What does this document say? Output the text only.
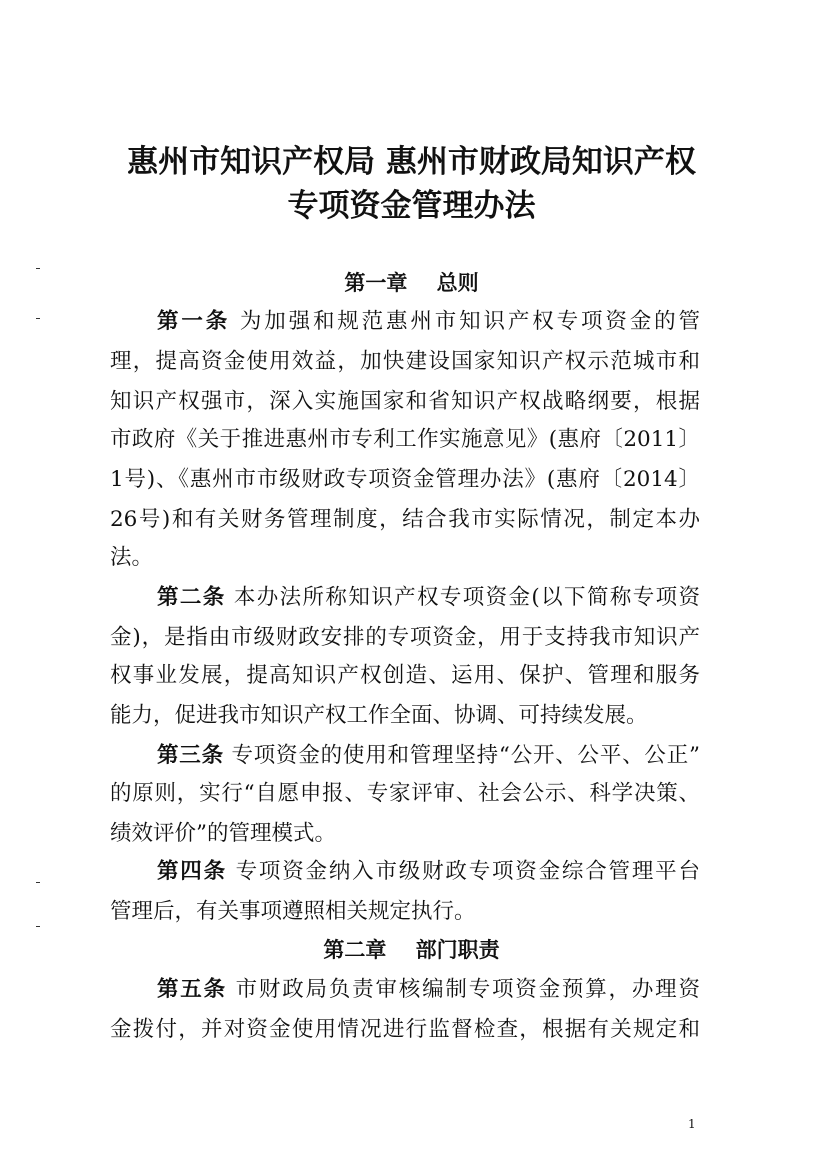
惠州市知识产权局 惠州市财政局知识产权
专项资金管理办法
第一章    总则
第一条 为加强和规范惠州市知识产权专项资金的管
理，提高资金使用效益，加快建设国家知识产权示范城市和
知识产权强市，深入实施国家和省知识产权战略纲要，根据
市政府《关于推进惠州市专利工作实施意见》(惠府〔2011〕
1号)、《惠州市市级财政专项资金管理办法》(惠府〔2014〕
26号)和有关财务管理制度，结合我市实际情况，制定本办
法。
第二条 本办法所称知识产权专项资金(以下简称专项资
金)，是指由市级财政安排的专项资金，用于支持我市知识产
权事业发展，提高知识产权创造、运用、保护、管理和服务
能力，促进我市知识产权工作全面、协调、可持续发展。
第三条 专项资金的使用和管理坚持“公开、公平、公正”
的原则，实行“自愿申报、专家评审、社会公示、科学决策、
绩效评价”的管理模式。
第四条 专项资金纳入市级财政专项资金综合管理平台
管理后，有关事项遵照相关规定执行。
第二章    部门职责
第五条 市财政局负责审核编制专项资金预算，办理资
金拨付，并对资金使用情况进行监督检查，根据有关规定和
1
